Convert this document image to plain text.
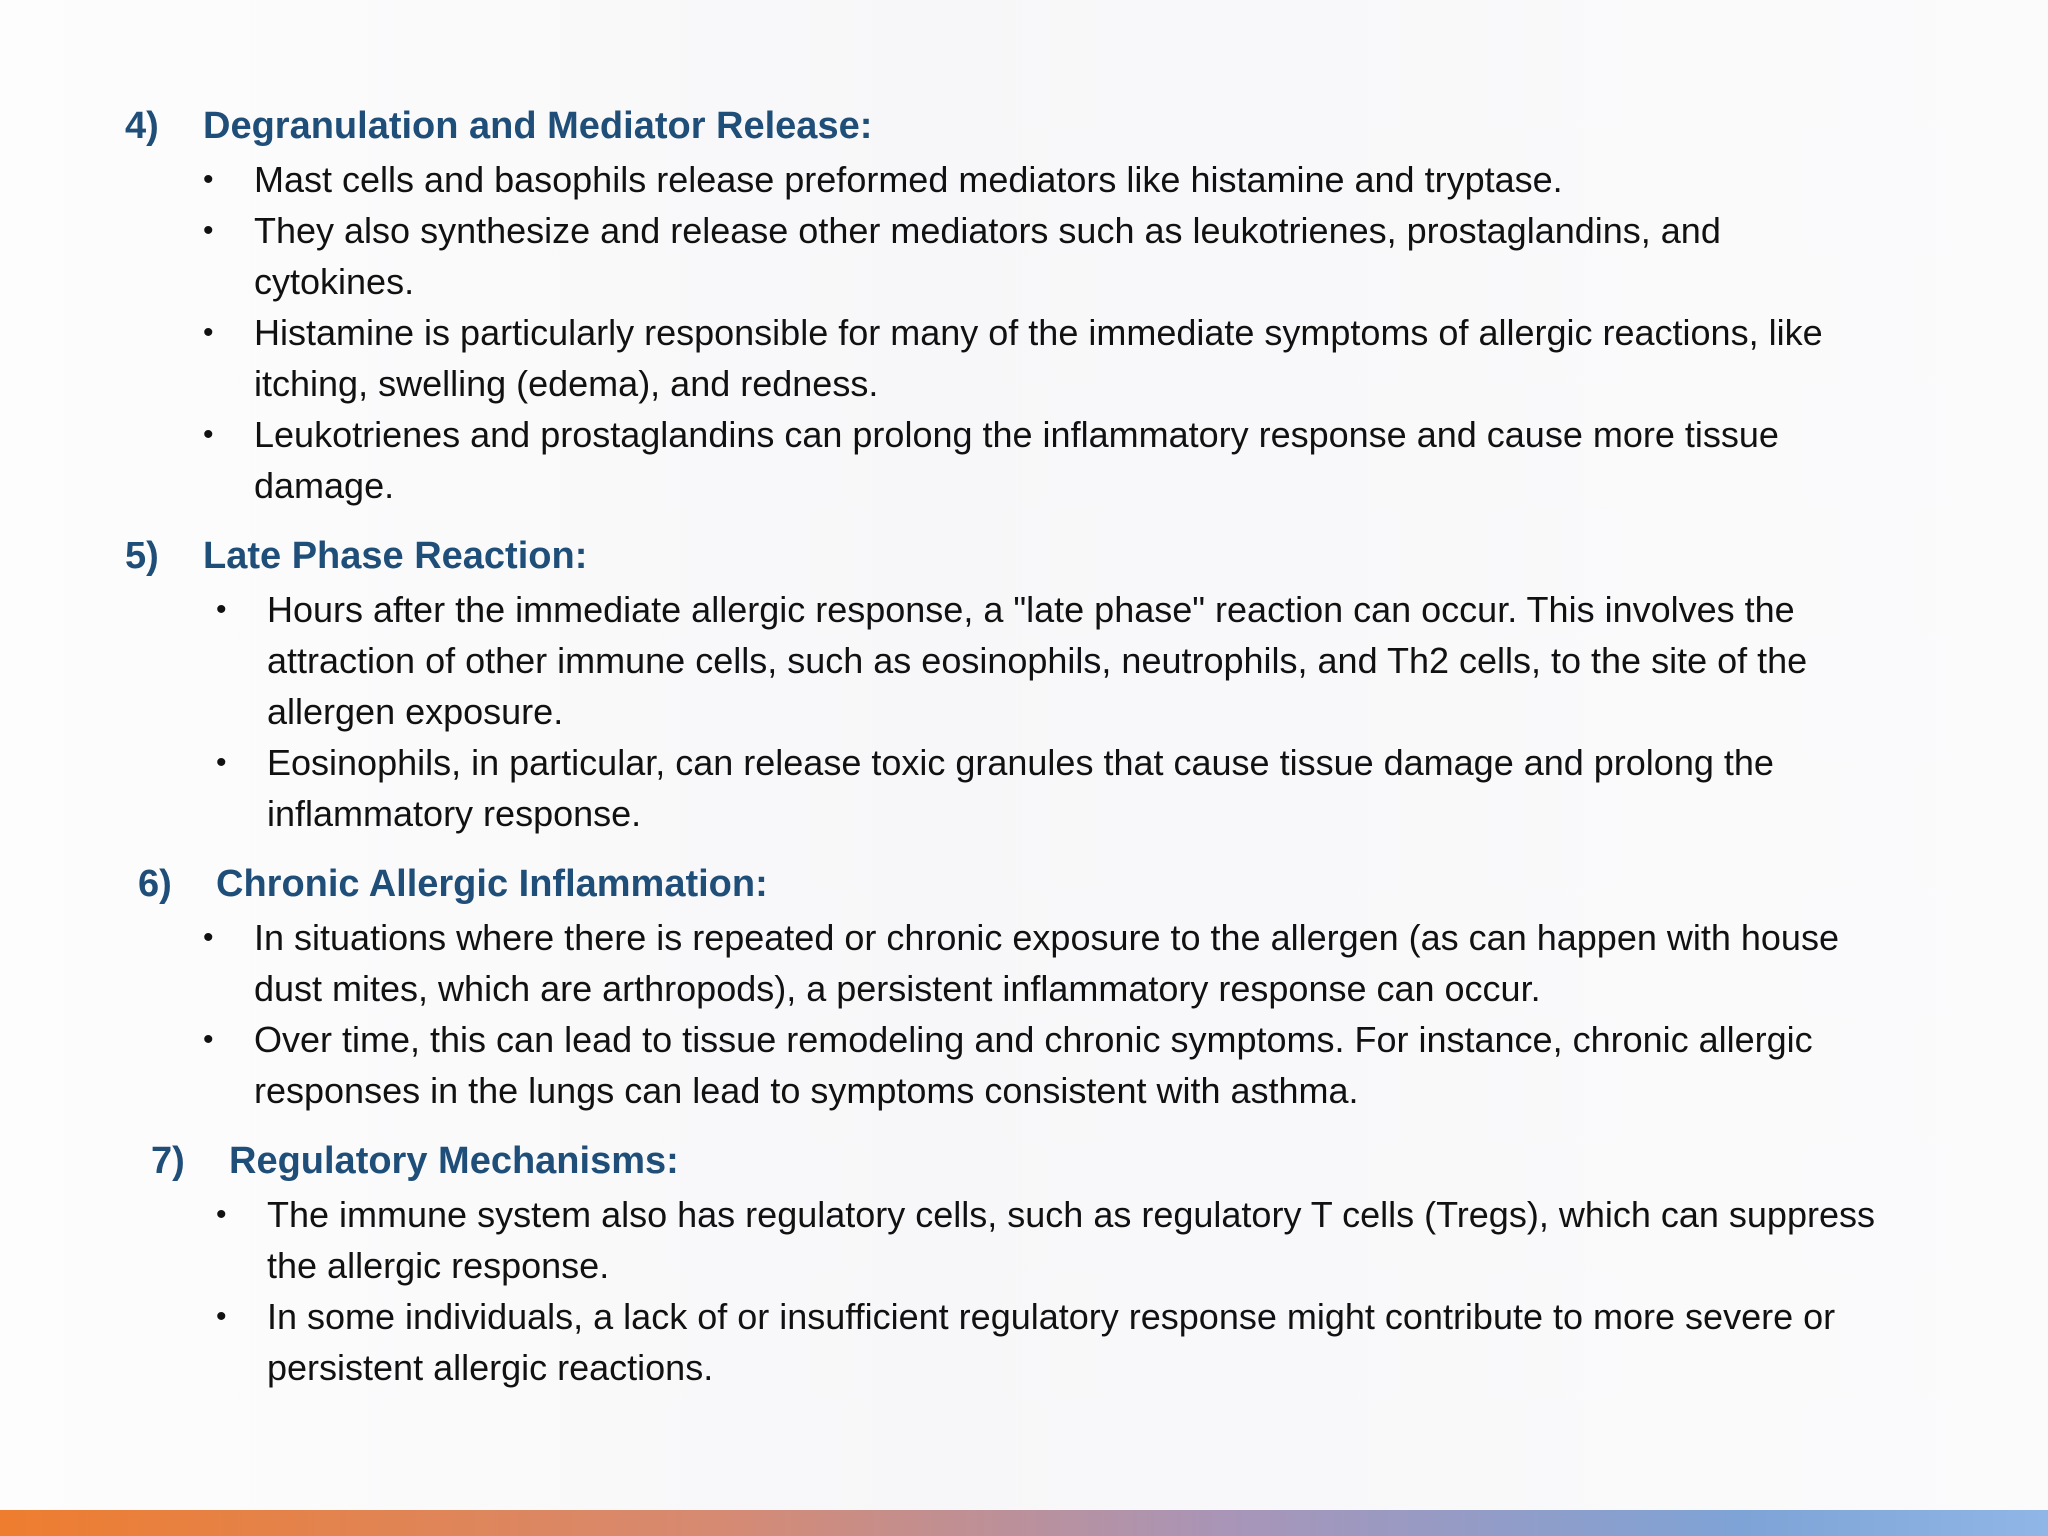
4) Degranulation and Mediator Release:
• Mast cells and basophils release preformed mediators like histamine and tryptase.
• They also synthesize and release other mediators such as leukotrienes, prostaglandins, and cytokines.
• Histamine is particularly responsible for many of the immediate symptoms of allergic reactions, like itching, swelling (edema), and redness.
• Leukotrienes and prostaglandins can prolong the inflammatory response and cause more tissue damage.
5) Late Phase Reaction:
• Hours after the immediate allergic response, a "late phase" reaction can occur. This involves the attraction of other immune cells, such as eosinophils, neutrophils, and Th2 cells, to the site of the allergen exposure.
• Eosinophils, in particular, can release toxic granules that cause tissue damage and prolong the inflammatory response.
6) Chronic Allergic Inflammation:
• In situations where there is repeated or chronic exposure to the allergen (as can happen with house dust mites, which are arthropods), a persistent inflammatory response can occur.
• Over time, this can lead to tissue remodeling and chronic symptoms. For instance, chronic allergic responses in the lungs can lead to symptoms consistent with asthma.
7) Regulatory Mechanisms:
• The immune system also has regulatory cells, such as regulatory T cells (Tregs), which can suppress the allergic response.
• In some individuals, a lack of or insufficient regulatory response might contribute to more severe or persistent allergic reactions.
